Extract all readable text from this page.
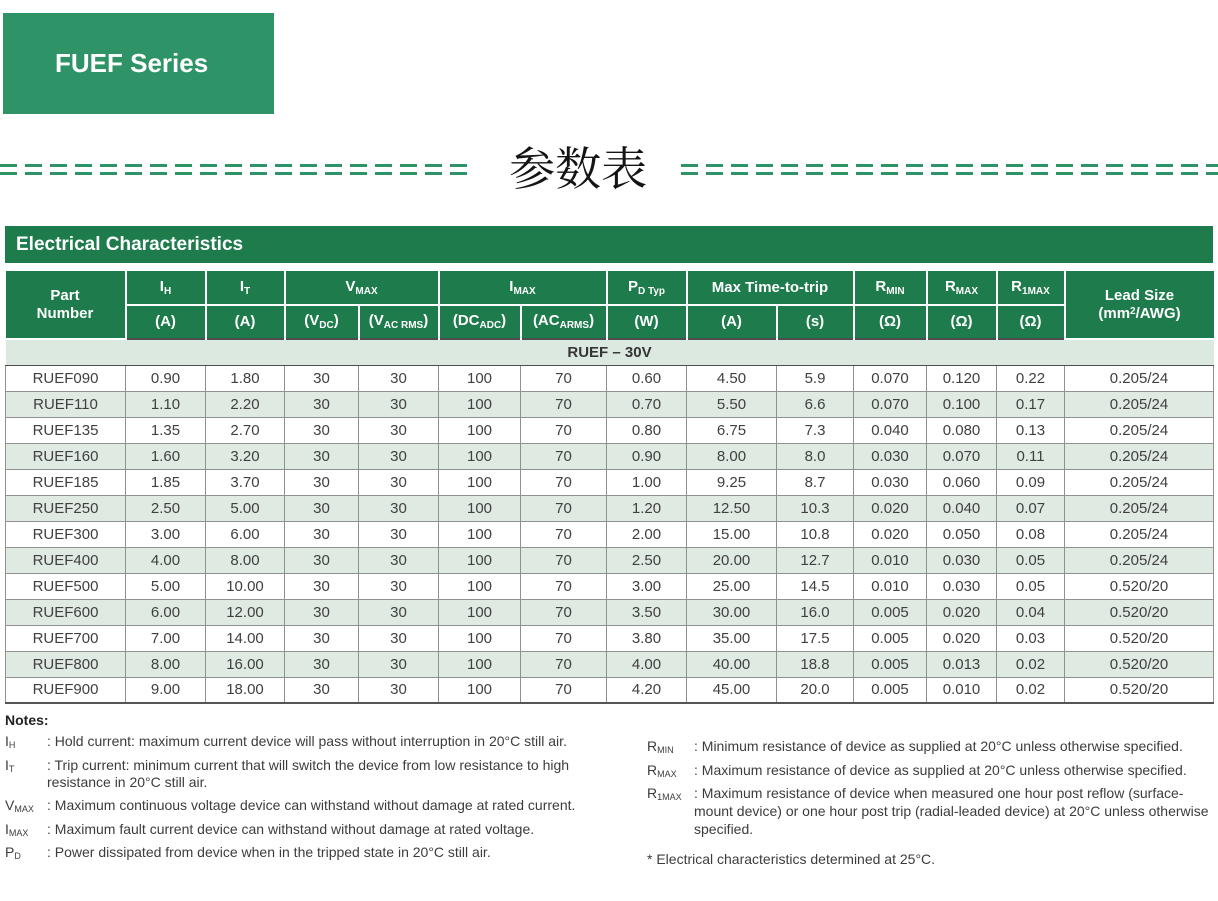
FUEF Series
参数表
Electrical Characteristics
Part
Number	$I_H$	$I_T$	$V_{MAX}$		$I_{MAX}$		$P_{D Typ}$	Max Time-to-trip		$R_{MIN}$	$R_{MAX}$	$R_{1MAX}$	Lead Size
$(mm^2/AWG)$
	(A)	(A)	$(V_{DC})$	$(V_{AC RMS})$	$(DC_{ADC})$	$(AC_{ARMS})$	(W)	(A)	(s)	(Ω)	(Ω)	(Ω)	
RUEF – 30V													
RUEF090	0.90	1.80	30	30	100	70	0.60	4.50	5.9	0.070	0.120	0.22	0.205/24
RUEF110	1.10	2.20	30	30	100	70	0.70	5.50	6.6	0.070	0.100	0.17	0.205/24
RUEF135	1.35	2.70	30	30	100	70	0.80	6.75	7.3	0.040	0.080	0.13	0.205/24
RUEF160	1.60	3.20	30	30	100	70	0.90	8.00	8.0	0.030	0.070	0.11	0.205/24
RUEF185	1.85	3.70	30	30	100	70	1.00	9.25	8.7	0.030	0.060	0.09	0.205/24
RUEF250	2.50	5.00	30	30	100	70	1.20	12.50	10.3	0.020	0.040	0.07	0.205/24
RUEF300	3.00	6.00	30	30	100	70	2.00	15.00	10.8	0.020	0.050	0.08	0.205/24
RUEF400	4.00	8.00	30	30	100	70	2.50	20.00	12.7	0.010	0.030	0.05	0.205/24
RUEF500	5.00	10.00	30	30	100	70	3.00	25.00	14.5	0.010	0.030	0.05	0.520/20
RUEF600	6.00	12.00	30	30	100	70	3.50	30.00	16.0	0.005	0.020	0.04	0.520/20
RUEF700	7.00	14.00	30	30	100	70	3.80	35.00	17.5	0.005	0.020	0.03	0.520/20
RUEF800	8.00	16.00	30	30	100	70	4.00	40.00	18.8	0.005	0.013	0.02	0.520/20
RUEF900	9.00	18.00	30	30	100	70	4.20	45.00	20.0	0.005	0.010	0.02	0.520/20
Notes:
$I_H$	: Hold current: maximum current device will pass without interruption in 20°C still air.
$I_T$	: Trip current: minimum current that will switch the device from low resistance to high resistance in 20°C still air.
$V_{MAX}$ : Maximum continuous voltage device can withstand without damage at rated current.
$I_{MAX}$	: Maximum fault current device can withstand without damage at rated voltage.
$P_D$	: Power dissipated from device when in the tripped state in 20°C still air.
$R_{MIN}$	: Minimum resistance of device as supplied at 20°C unless otherwise specified.
$R_{MAX}$	: Maximum resistance of device as supplied at 20°C unless otherwise specified.
$R_{1MAX}$ : Maximum resistance of device when measured one hour post reflow (surface-mount device) or one hour post trip (radial-leaded device) at 20°C unless otherwise specified.
* Electrical characteristics determined at 25°C.
